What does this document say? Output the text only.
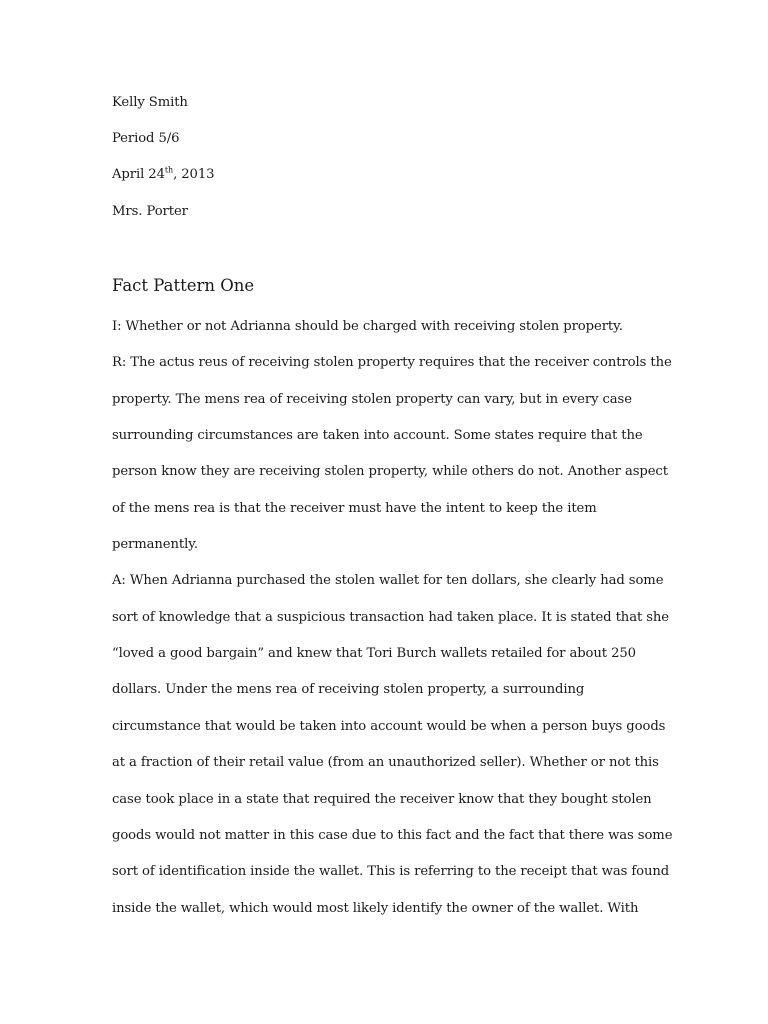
Kelly Smith
Period 5/6
April 24th, 2013
Mrs. Porter
Fact Pattern One
I: Whether or not Adrianna should be charged with receiving stolen property.
R: The actus reus of receiving stolen property requires that the receiver controls the
property. The mens rea of receiving stolen property can vary, but in every case
surrounding circumstances are taken into account. Some states require that the
person know they are receiving stolen property, while others do not. Another aspect
of the mens rea is that the receiver must have the intent to keep the item
permanently.
A: When Adrianna purchased the stolen wallet for ten dollars, she clearly had some
sort of knowledge that a suspicious transaction had taken place. It is stated that she
“loved a good bargain” and knew that Tori Burch wallets retailed for about 250
dollars. Under the mens rea of receiving stolen property, a surrounding
circumstance that would be taken into account would be when a person buys goods
at a fraction of their retail value (from an unauthorized seller). Whether or not this
case took place in a state that required the receiver know that they bought stolen
goods would not matter in this case due to this fact and the fact that there was some
sort of identification inside the wallet. This is referring to the receipt that was found
inside the wallet, which would most likely identify the owner of the wallet. With
